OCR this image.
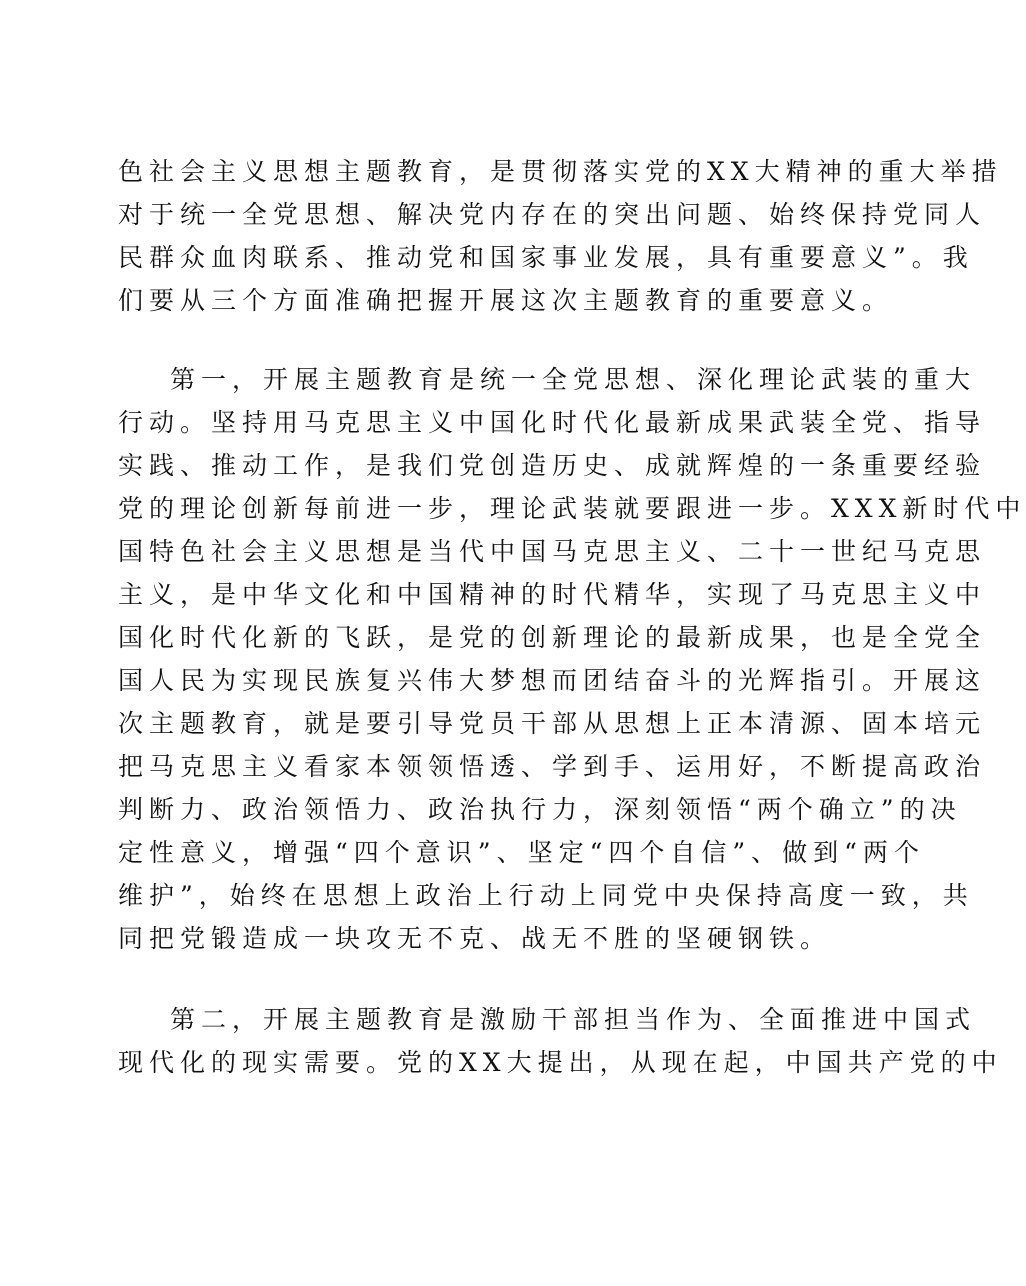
色社会主义思想主题教育，是贯彻落实党的XX大精神的重大举措
对于统一全党思想、解决党内存在的突出问题、始终保持党同人
民群众血肉联系、推动党和国家事业发展，具有重要意义”。我
们要从三个方面准确把握开展这次主题教育的重要意义。
第一，开展主题教育是统一全党思想、深化理论武装的重大
行动。坚持用马克思主义中国化时代化最新成果武装全党、指导
实践、推动工作，是我们党创造历史、成就辉煌的一条重要经验
党的理论创新每前进一步，理论武装就要跟进一步。XXX新时代中
国特色社会主义思想是当代中国马克思主义、二十一世纪马克思
主义，是中华文化和中国精神的时代精华，实现了马克思主义中
国化时代化新的飞跃，是党的创新理论的最新成果，也是全党全
国人民为实现民族复兴伟大梦想而团结奋斗的光辉指引。开展这
次主题教育，就是要引导党员干部从思想上正本清源、固本培元
把马克思主义看家本领领悟透、学到手、运用好，不断提高政治
判断力、政治领悟力、政治执行力，深刻领悟“两个确立”的决
定性意义，增强“四个意识”、坚定“四个自信”、做到“两个
维护”，始终在思想上政治上行动上同党中央保持高度一致，共
同把党锻造成一块攻无不克、战无不胜的坚硬钢铁。
第二，开展主题教育是激励干部担当作为、全面推进中国式
现代化的现实需要。党的XX大提出，从现在起，中国共产党的中
